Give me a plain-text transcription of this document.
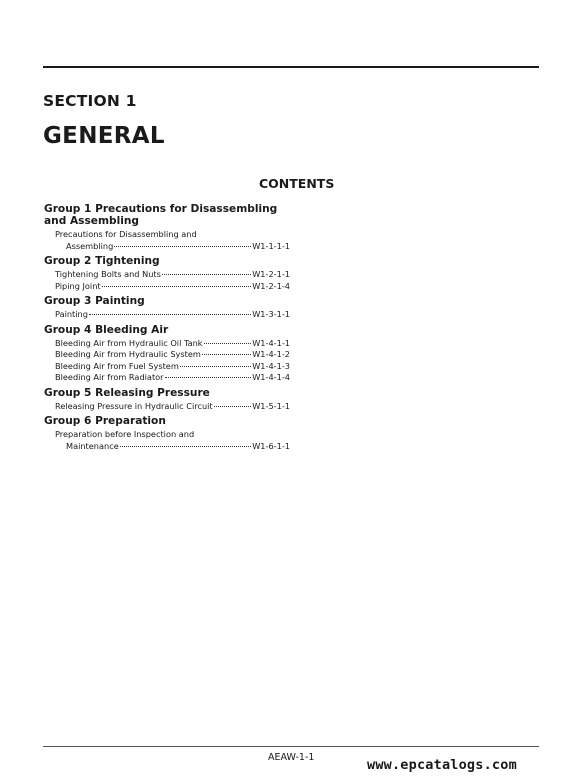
SECTION 1
GENERAL
CONTENTS
Group 1 Precautions for Disassembling and Assembling
Precautions for Disassembling and
Assembling	W1-1-1-1
Group 2 Tightening
Tightening Bolts and Nuts	W1-2-1-1
Piping Joint	W1-2-1-4
Group 3 Painting
Painting	W1-3-1-1
Group 4 Bleeding Air
Bleeding Air from Hydraulic Oil Tank	W1-4-1-1
Bleeding Air from Hydraulic System	W1-4-1-2
Bleeding Air from Fuel System	W1-4-1-3
Bleeding Air from Radiator	W1-4-1-4
Group 5 Releasing Pressure
Releasing Pressure in Hydraulic Circuit	W1-5-1-1
Group 6 Preparation
Preparation before Inspection and
Maintenance	W1-6-1-1
AEAW-1-1	www.epcatalogs.com
